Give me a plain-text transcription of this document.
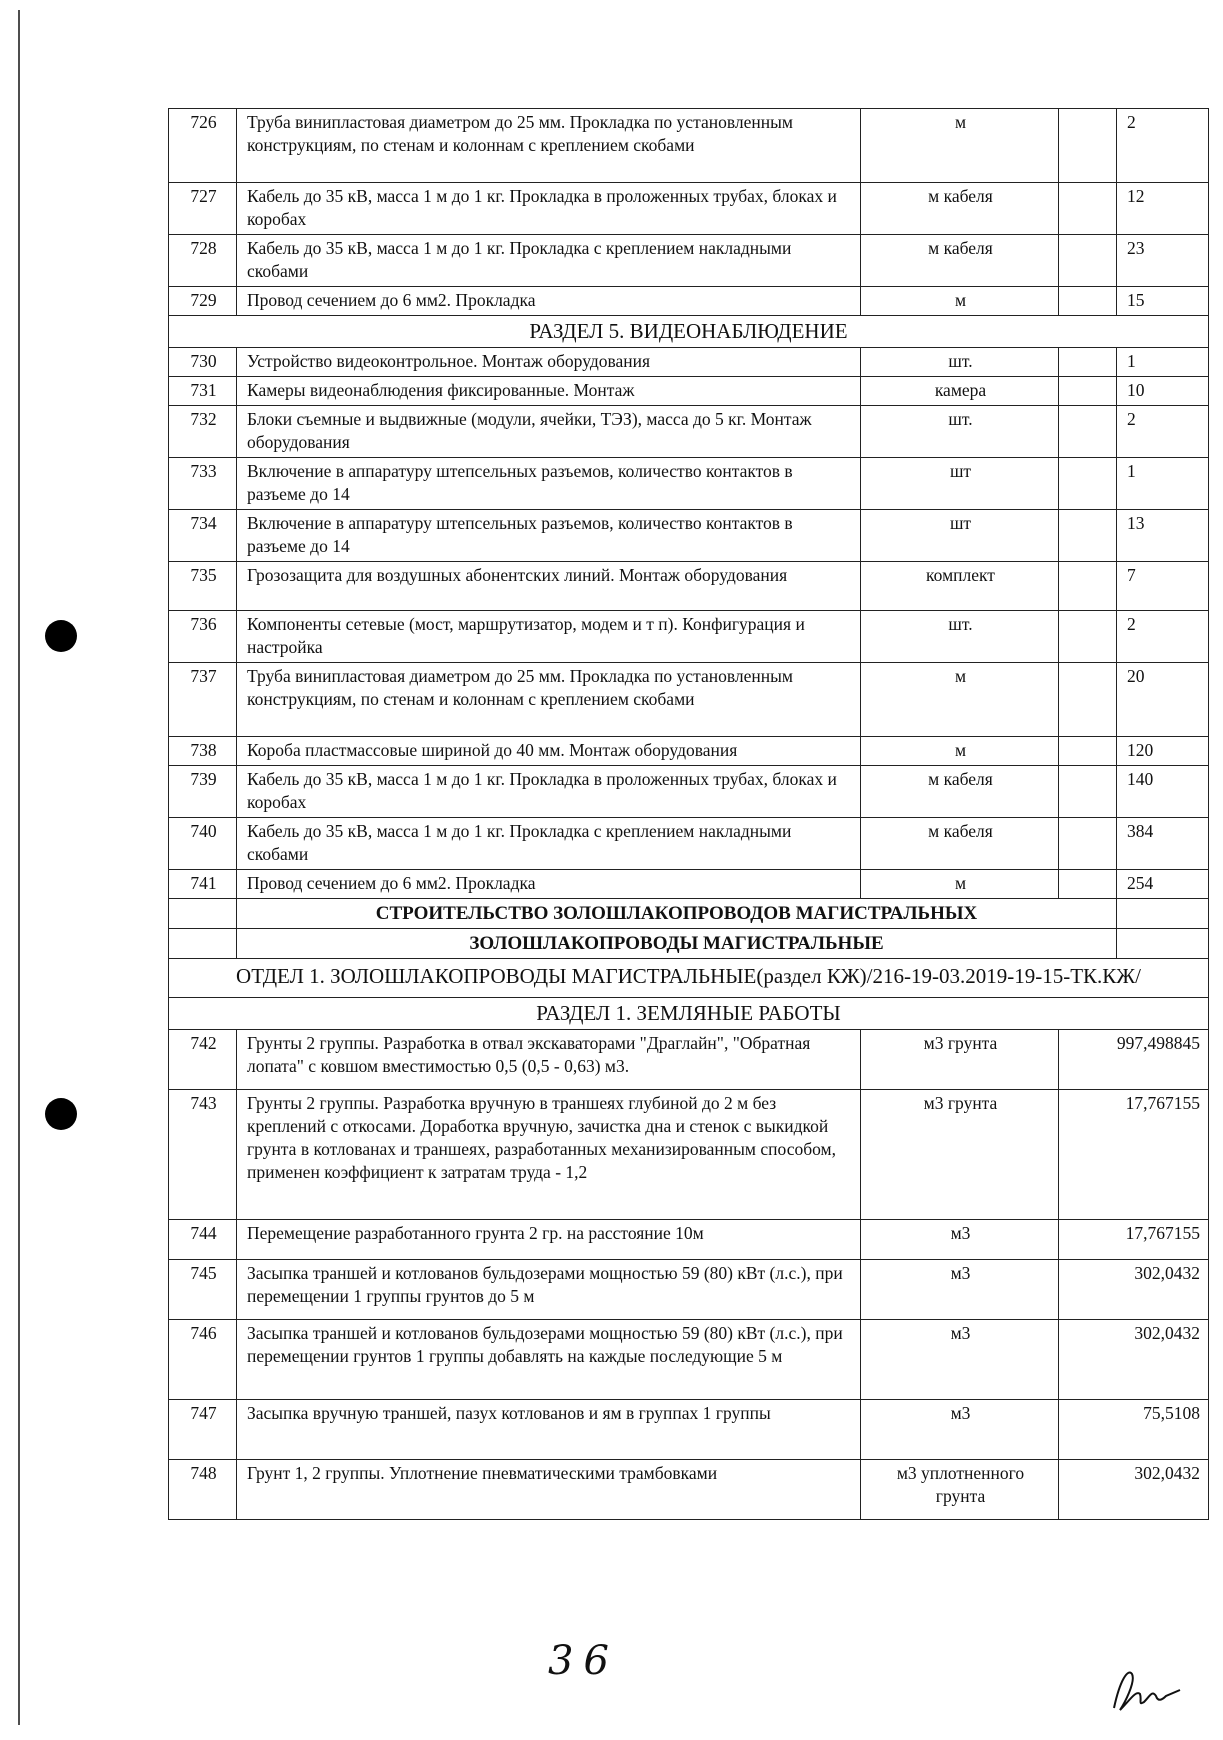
726	Труба винипластовая диаметром до 25 мм. Прокладка по установленным конструкциям, по стенам и колоннам с креплением скобами	м		2
727	Кабель до 35 кВ, масса 1 м до 1 кг. Прокладка в проложенных трубах, блоках и коробах	м кабеля		12
728	Кабель до 35 кВ, масса 1 м до 1 кг. Прокладка с креплением накладными скобами	м кабеля		23
729	Провод сечением до 6 мм2. Прокладка	м		15
РАЗДЕЛ 5. ВИДЕОНАБЛЮДЕНИЕ				
730	Устройство видеоконтрольное. Монтаж оборудования	шт.		1
731	Камеры видеонаблюдения фиксированные. Монтаж	камера		10
732	Блоки съемные и выдвижные (модули, ячейки, ТЭЗ), масса до 5 кг. Монтаж оборудования	шт.		2
733	Включение в аппаратуру штепсельных разъемов, количество контактов в разъеме до 14	шт		1
734	Включение в аппаратуру штепсельных разъемов, количество контактов в разъеме до 14	шт		13
735	Грозозащита для воздушных абонентских линий. Монтаж оборудования	комплект		7
736	Компоненты сетевые (мост, маршрутизатор, модем и т п). Конфигурация и настройка	шт.		2
737	Труба винипластовая диаметром до 25 мм. Прокладка по установленным конструкциям, по стенам и колоннам с креплением скобами	м		20
738	Короба пластмассовые шириной до 40 мм. Монтаж оборудования	м		120
739	Кабель до 35 кВ, масса 1 м до 1 кг. Прокладка в проложенных трубах, блоках и коробах	м кабеля		140
740	Кабель до 35 кВ, масса 1 м до 1 кг. Прокладка с креплением накладными скобами	м кабеля		384
741	Провод сечением до 6 мм2. Прокладка	м		254
	СТРОИТЕЛЬСТВО ЗОЛОШЛАКОПРОВОДОВ МАГИСТРАЛЬНЫХ			
	ЗОЛОШЛАКОПРОВОДЫ МАГИСТРАЛЬНЫЕ			
ОТДЕЛ 1. ЗОЛОШЛАКОПРОВОДЫ МАГИСТРАЛЬНЫЕ(раздел КЖ)/216-19-03.2019-19-15-ТК.КЖ/				
РАЗДЕЛ 1. ЗЕМЛЯНЫЕ РАБОТЫ				
742	Грунты 2 группы. Разработка в отвал экскаваторами "Драглайн", "Обратная лопата" с ковшом вместимостью 0,5 (0,5 - 0,63) м3.	м3 грунта	997,498845	
743	Грунты 2 группы. Разработка вручную в траншеях глубиной до 2 м без креплений с откосами. Доработка вручную, зачистка дна и стенок с выкидкой грунта в котлованах и траншеях, разработанных механизированным способом, применен коэффициент к затратам труда - 1,2	м3 грунта	17,767155	
744	Перемещение разработанного грунта 2 гр. на расстояние 10м	м3	17,767155	
745	Засыпка траншей и котлованов бульдозерами мощностью 59 (80) кВт (л.с.), при перемещении 1 группы грунтов до 5 м	м3	302,0432	
746	Засыпка траншей и котлованов бульдозерами мощностью 59 (80) кВт (л.с.), при перемещении грунтов 1 группы добавлять на каждые последующие 5 м	м3	302,0432	
747	Засыпка вручную траншей, пазух котлованов и ям в группах 1 группы	м3	75,5108	
748	Грунт 1, 2 группы. Уплотнение пневматическими трамбовками	м3 уплотненного грунта	302,0432	
36
